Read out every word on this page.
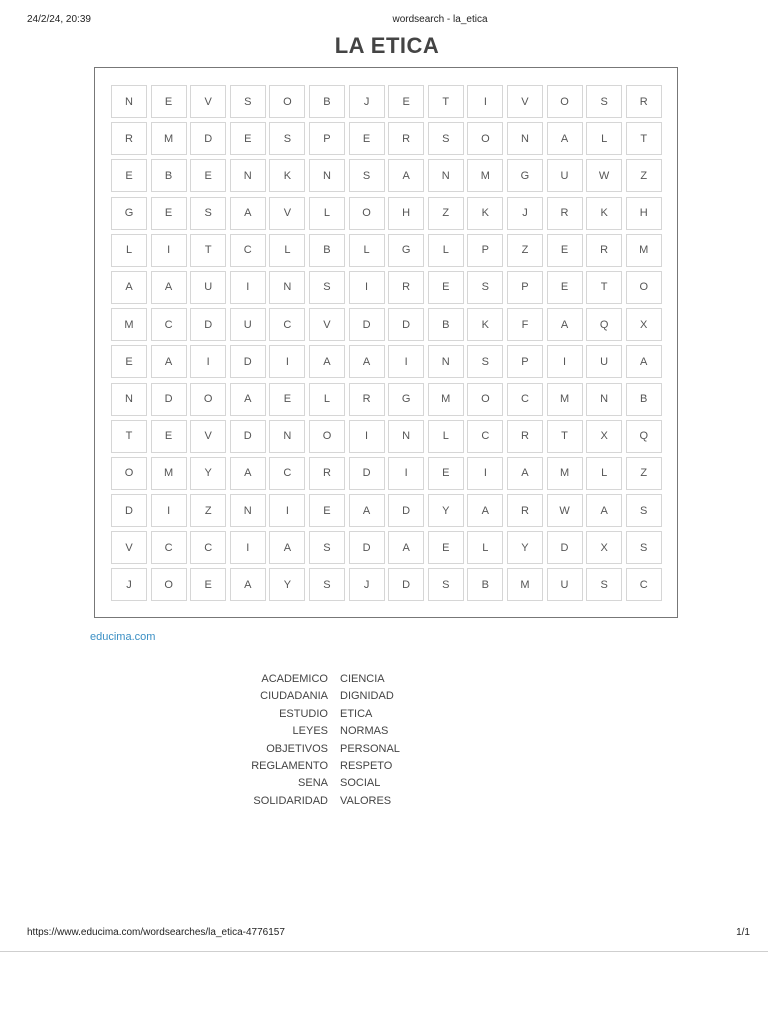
24/2/24, 20:39	wordsearch - la_etica
LA ETICA
N	E	V	S	O	B	J	E	T	I	V	O	S	R
R	M	D	E	S	P	E	R	S	O	N	A	L	T
E	B	E	N	K	N	S	A	N	M	G	U	W	Z
G	E	S	A	V	L	O	H	Z	K	J	R	K	H
L	I	T	C	L	B	L	G	L	P	Z	E	R	M
A	A	U	I	N	S	I	R	E	S	P	E	T	O
M	C	D	U	C	V	D	D	B	K	F	A	Q	X
E	A	I	D	I	A	A	I	N	S	P	I	U	A
N	D	O	A	E	L	R	G	M	O	C	M	N	B
T	E	V	D	N	O	I	N	L	C	R	T	X	Q
O	M	Y	A	C	R	D	I	E	I	A	M	L	Z
D	I	Z	N	I	E	A	D	Y	A	R	W	A	S
V	C	C	I	A	S	D	A	E	L	Y	D	X	S
J	O	E	A	Y	S	J	D	S	B	M	U	S	C
educima.com
ACADEMICO CIENCIA
CIUDADANIA DIGNIDAD
ESTUDIO ETICA
LEYES NORMAS
OBJETIVOS PERSONAL
REGLAMENTO RESPETO
SENA SOCIAL
SOLIDARIDAD VALORES
https://www.educima.com/wordsearches/la_etica-4776157	1/1
